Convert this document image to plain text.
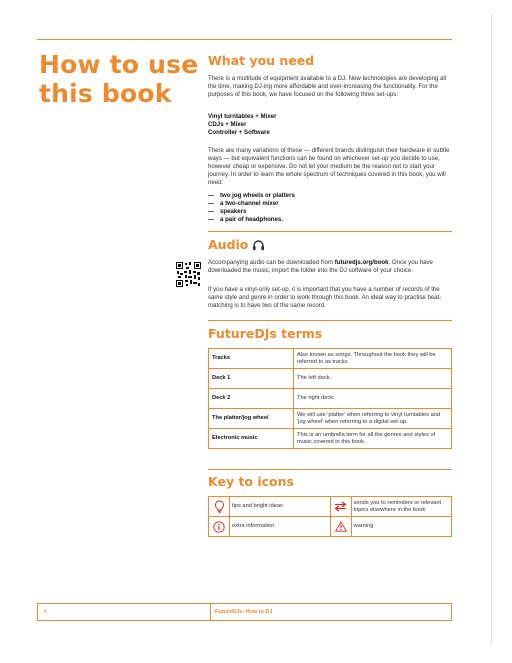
How to use this book
What you need

There is a multitude of equipment available to a DJ. New technologies are developing all the time, making DJ-ing more affordable and ever-increasing the functionality. For the purposes of this book, we have focused on the following three set-ups:

Vinyl turntables + Mixer
CDJs + Mixer
Controller + Software

There are many variations of these — different brands distinguish their hardware in subtle ways — but equivalent functions can be found on whichever set-up you decide to use, however cheap or expensive. Do not let your medium be the reason not to start your journey. In order to learn the whole spectrum of techniques covered in this book, you will need:

— two jog wheels or platters
— a two-channel mixer
— speakers
— a pair of headphones.
Audio

Accompanying audio can be downloaded from futuredjs.org/book. Once you have downloaded the music, import the folder into the DJ software of your choice.

If you have a vinyl-only set-up, it is important that you have a number of records of the same style and genre in order to work through this book. An ideal way to practise beat-matching is to have two of the same record.

FutureDJs terms
Tracks	Also known as songs. Throughout the book they will be referred to as tracks.
Deck 1	The left deck.
Deck 2	The right deck.
The platter/jog wheel	We will use 'platter' when referring to vinyl turntables and 'jog wheel' when referring to a digital set-up.
Electronic music	This is an umbrella term for all the genres and styles of music covered in this book.
Key to icons
	tips and bright ideas		sends you to reminders or relevant topics elsewhere in the book

	extra information		warning
6	FutureDJs: How to DJ
